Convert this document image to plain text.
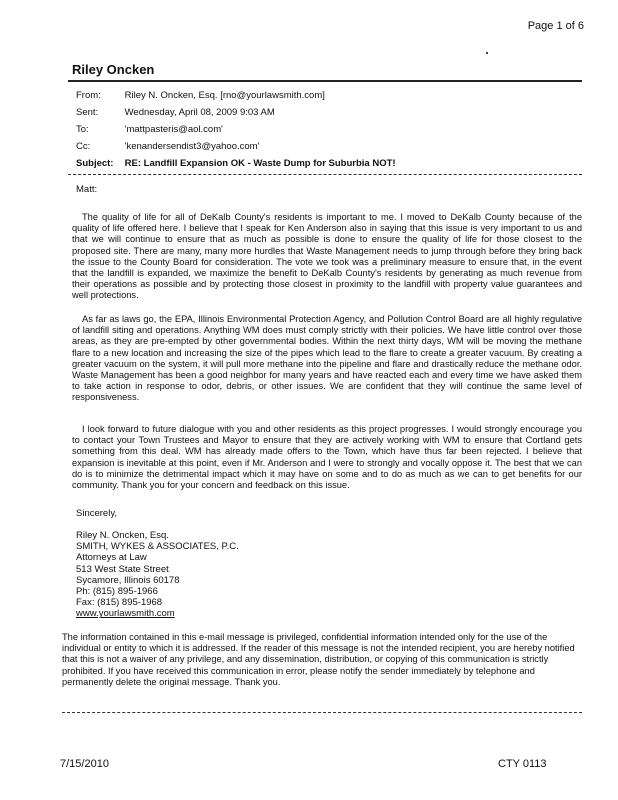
Page 1 of 6
Riley Oncken
From:	Riley N. Oncken, Esq. [rno@yourlawsmith.com]
Sent:	Wednesday, April 08, 2009 9:03 AM
To:	'mattpasteris@aol.com'
Cc:	'kenandersendist3@yahoo.com'
Subject: RE: Landfill Expansion OK - Waste Dump for Suburbia NOT!
Matt:
The quality of life for all of DeKalb County's residents is important to me. I moved to DeKalb County because of the quality of life offered here. I believe that I speak for Ken Anderson also in saying that this issue is very important to us and that we will continue to ensure that as much as possible is done to ensure the quality of life for those closest to the proposed site. There are many, many more hurdles that Waste Management needs to jump through before they bring back the issue to the County Board for consideration. The vote we took was a preliminary measure to ensure that, in the event that the landfill is expanded, we maximize the benefit to DeKalb County's residents by generating as much revenue from their operations as possible and by protecting those closest in proximity to the landfill with property value guarantees and well protections.
As far as laws go, the EPA, Illinois Environmental Protection Agency, and Pollution Control Board are all highly regulative of landfill siting and operations. Anything WM does must comply strictly with their policies. We have little control over those areas, as they are pre-empted by other governmental bodies. Within the next thirty days, WM will be moving the methane flare to a new location and increasing the size of the pipes which lead to the flare to create a greater vacuum. By creating a greater vacuum on the system, it will pull more methane into the pipeline and flare and drastically reduce the methane odor. Waste Management has been a good neighbor for many years and have reacted each and every time we have asked them to take action in response to odor, debris, or other issues. We are confident that they will continue the same level of responsiveness.
I look forward to future dialogue with you and other residents as this project progresses. I would strongly encourage you to contact your Town Trustees and Mayor to ensure that they are actively working with WM to ensure that Cortland gets something from this deal. WM has already made offers to the Town, which have thus far been rejected. I believe that expansion is inevitable at this point, even if Mr. Anderson and I were to strongly and vocally oppose it. The best that we can do is to minimize the detrimental impact which it may have on some and to do as much as we can to get benefits for our community. Thank you for your concern and feedback on this issue.
Sincerely,
Riley N. Oncken, Esq.
SMITH, WYKES & ASSOCIATES, P.C.
Attorneys at Law
513 West State Street
Sycamore, Illinois 60178
Ph: (815) 895-1966
Fax: (815) 895-1968
www.yourlawsmith.com
The information contained in this e-mail message is privileged, confidential information intended only for the use of the individual or entity to which it is addressed. If the reader of this message is not the intended recipient, you are hereby notified that this is not a waiver of any privilege, and any dissemination, distribution, or copying of this communication is strictly prohibited. If you have received this communication in error, please notify the sender immediately by telephone and permanently delete the original message. Thank you.
7/15/2010	CTY 0113
